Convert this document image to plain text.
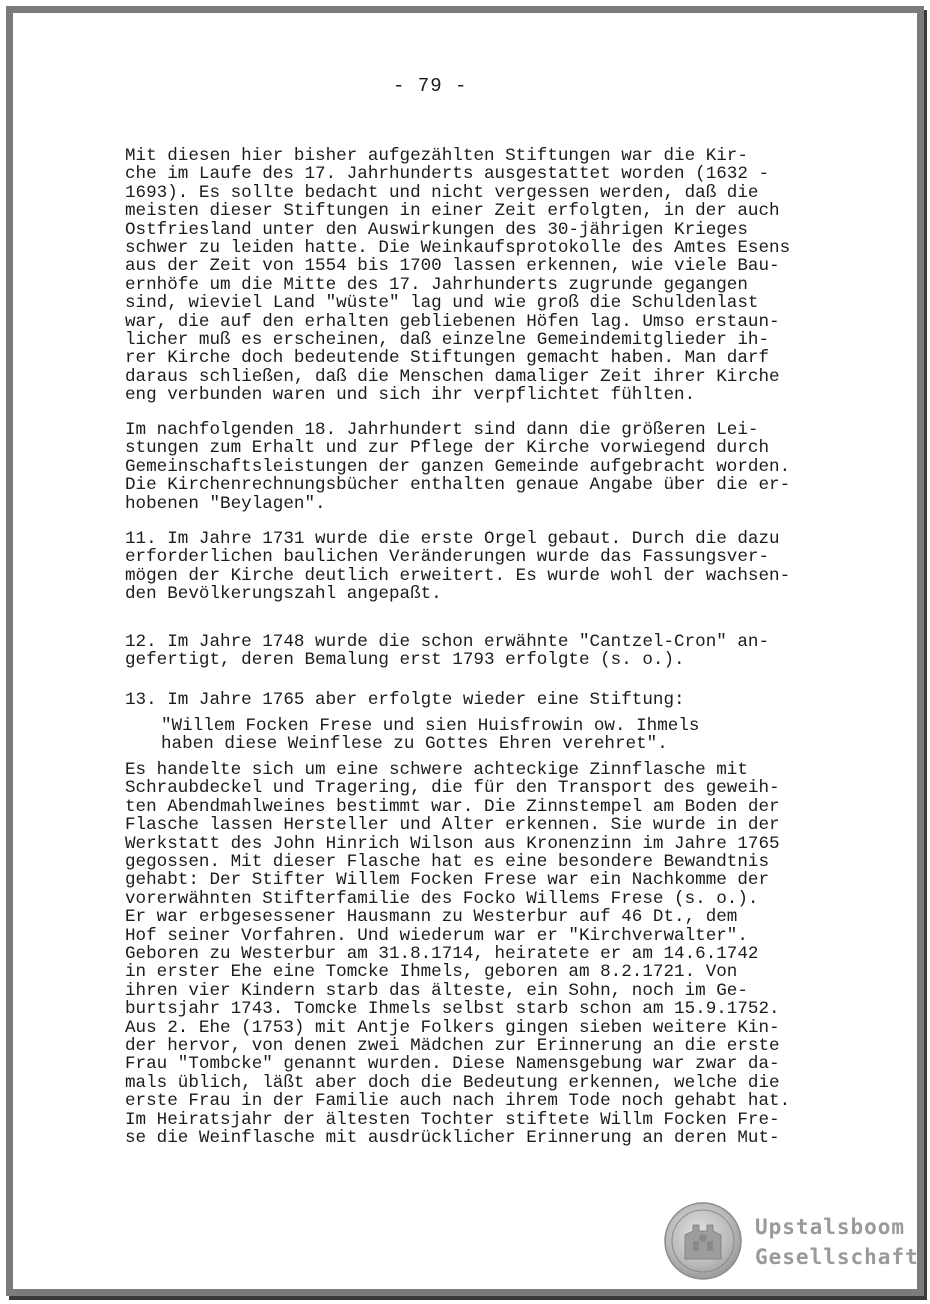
- 79 -
Mit diesen hier bisher aufgezählten Stiftungen war die Kir-
che im Laufe des 17. Jahrhunderts ausgestattet worden (1632 -
1693). Es sollte bedacht und nicht vergessen werden, daß die
meisten dieser Stiftungen in einer Zeit erfolgten, in der auch
Ostfriesland unter den Auswirkungen des 30-jährigen Krieges
schwer zu leiden hatte. Die Weinkaufsprotokolle des Amtes Esens
aus der Zeit von 1554 bis 1700 lassen erkennen, wie viele Bau-
ernhöfe um die Mitte des 17. Jahrhunderts zugrunde gegangen
sind, wieviel Land "wüste" lag und wie groß die Schuldenlast
war, die auf den erhalten gebliebenen Höfen lag. Umso erstaun-
licher muß es erscheinen, daß einzelne Gemeindemitglieder ih-
rer Kirche doch bedeutende Stiftungen gemacht haben. Man darf
daraus schließen, daß die Menschen damaliger Zeit ihrer Kirche
eng verbunden waren und sich ihr verpflichtet fühlten.
Im nachfolgenden 18. Jahrhundert sind dann die größeren Lei-
stungen zum Erhalt und zur Pflege der Kirche vorwiegend durch
Gemeinschaftsleistungen der ganzen Gemeinde aufgebracht worden.
Die Kirchenrechnungsbücher enthalten genaue Angabe über die er-
hobenen "Beylagen".
11. Im Jahre 1731 wurde die erste Orgel gebaut. Durch die dazu
erforderlichen baulichen Veränderungen wurde das Fassungsver-
mögen der Kirche deutlich erweitert. Es wurde wohl der wachsen-
den Bevölkerungszahl angepaßt.
12. Im Jahre 1748 wurde die schon erwähnte "Cantzel-Cron" an-
gefertigt, deren Bemalung erst 1793 erfolgte (s. o.).
13. Im Jahre 1765 aber erfolgte wieder eine Stiftung:
"Willem Focken Frese und sien Huisfrowin ow. Ihmels
haben diese Weinflese zu Gottes Ehren verehret".
Es handelte sich um eine schwere achteckige Zinnflasche mit
Schraubdeckel und Tragering, die für den Transport des geweih-
ten Abendmahlweines bestimmt war. Die Zinnstempel am Boden der
Flasche lassen Hersteller und Alter erkennen. Sie wurde in der
Werkstatt des John Hinrich Wilson aus Kronenzinn im Jahre 1765
gegossen. Mit dieser Flasche hat es eine besondere Bewandtnis
gehabt: Der Stifter Willem Focken Frese war ein Nachkomme der
vorerwähnten Stifterfamilie des Focko Willems Frese (s. o.).
Er war erbgesessener Hausmann zu Westerbur auf 46 Dt., dem
Hof seiner Vorfahren. Und wiederum war er "Kirchverwalter".
Geboren zu Westerbur am 31.8.1714, heiratete er am 14.6.1742
in erster Ehe eine Tomcke Ihmels, geboren am 8.2.1721. Von
ihren vier Kindern starb das älteste, ein Sohn, noch im Ge-
burtsjahr 1743. Tomcke Ihmels selbst starb schon am 15.9.1752.
Aus 2. Ehe (1753) mit Antje Folkers gingen sieben weitere Kin-
der hervor, von denen zwei Mädchen zur Erinnerung an die erste
Frau "Tombcke" genannt wurden. Diese Namensgebung war zwar da-
mals üblich, läßt aber doch die Bedeutung erkennen, welche die
erste Frau in der Familie auch nach ihrem Tode noch gehabt hat.
Im Heiratsjahr der ältesten Tochter stiftete Willm Focken Fre-
se die Weinflasche mit ausdrücklicher Erinnerung an deren Mut-
Upstalsboom
Gesellschaft
